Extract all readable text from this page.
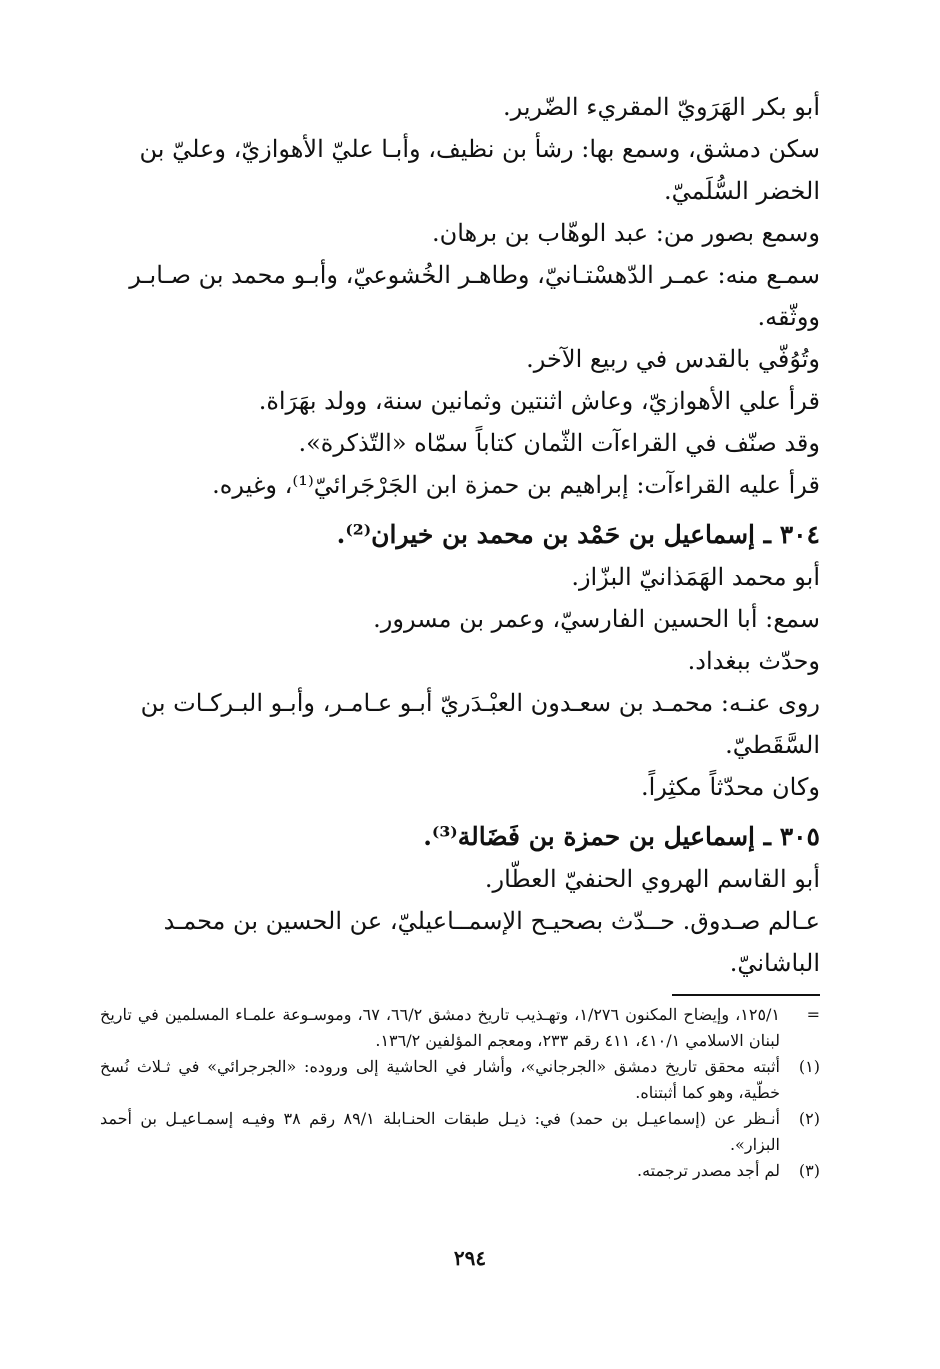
أبو بكر الهَرَويّ المقريء الضّرير.

سكن دمشق، وسمع بها: رشأ بن نظيف، وأبـا عليّ الأهوازيّ، وعليّ بن

الخضر السُّلَميّ.

وسمع بصور من: عبد الوهّاب بن برهان.

سمـع منه: عمـر الدّهسْتـانيّ، وطاهـر الخُشوعيّ، وأبـو محمد بن صـابـر

ووثّقه.

وتُوُفّي بالقدس في ربيع الآخر.

قرأ علي الأهوازيّ، وعاش اثنتين وثمانين سنة، وولد بهَرَاة.

وقد صنّف في القراءآت الثّمان كتاباً سمّاه «التّذكرة».

قرأ عليه القراءآت: إبراهيم بن حمزة ابن الجَرْجَرائيّ⁽¹⁾، وغيره.

٣٠٤ ـ إسماعيل بن حَمْد بن محمد بن خيران⁽²⁾.

أبو محمد الهَمَذانيّ البزّاز.

سمع: أبا الحسين الفارسيّ، وعمر بن مسرور.

وحدّث ببغداد.

روى عنـه: محمـد بن سعـدون العبْـدَريّ أبـو عـامـر، وأبـو البـركـات بن

السَّقَطيّ.

وكان محدّثاً مكثِراً.

٣٠٥ ـ إسماعيل بن حمزة بن فَضَالة⁽³⁾.

أبو القاسم الهروي الحنفيّ العطّار.

عـالم صـدوق. حــدّث بصحيـح الإسمــاعيليّ، عن الحسين بن محمـد

الباشانيّ.

=
١٢٥/١، وإيضاح المكنون ١/٢٧٦، وتهـذيب تاريخ دمشق ٦٦/٢، ٦٧، وموسـوعة علمـاء المسلمين في تاريخ لبنان الاسلامي ٤١٠/١، ٤١١ رقم ٢٣٣، ومعجم المؤلفين ١٣٦/٢.
(١)
أثبته محقق تاريخ دمشق «الجرجاني»، وأشار في الحاشية إلى وروده: «الجرجرائي» في ثـلاث نُسخ خطّية، وهو كما أثبتناه.
(٢)
أنـظر عن (إسماعيـل بن حمد) في: ذيـل طبقات الحنـابلة ٨٩/١ رقم ٣٨ وفيـه إسمـاعيـل بن أحمد البزار».
(٣)
لم أجد مصدر ترجمته.
٢٩٤
